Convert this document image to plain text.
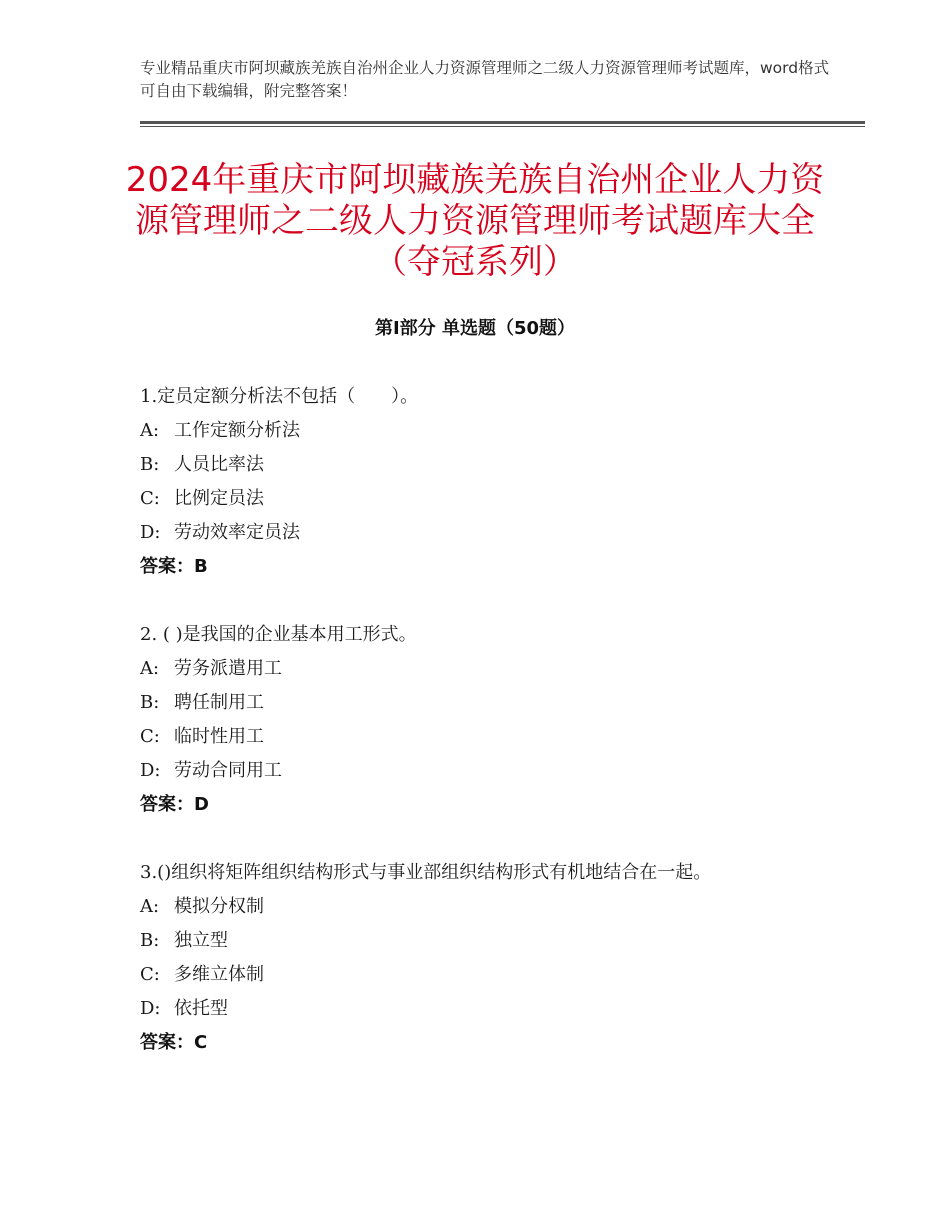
专业精品重庆市阿坝藏族羌族自治州企业人力资源管理师之二级人力资源管理师考试题库，word格式可自由下载编辑，附完整答案！
2024年重庆市阿坝藏族羌族自治州企业人力资源管理师之二级人力资源管理师考试题库大全（夺冠系列）
第Ⅰ部分 单选题（50题）
1.定员定额分析法不包括（　　）。
A: 工作定额分析法
B: 人员比率法
C: 比例定员法
D: 劳动效率定员法
答案：B
2. ( )是我国的企业基本用工形式。
A: 劳务派遣用工
B: 聘任制用工
C: 临时性用工
D: 劳动合同用工
答案：D
3.()组织将矩阵组织结构形式与事业部组织结构形式有机地结合在一起。
A: 模拟分权制
B: 独立型
C: 多维立体制
D: 依托型
答案：C
